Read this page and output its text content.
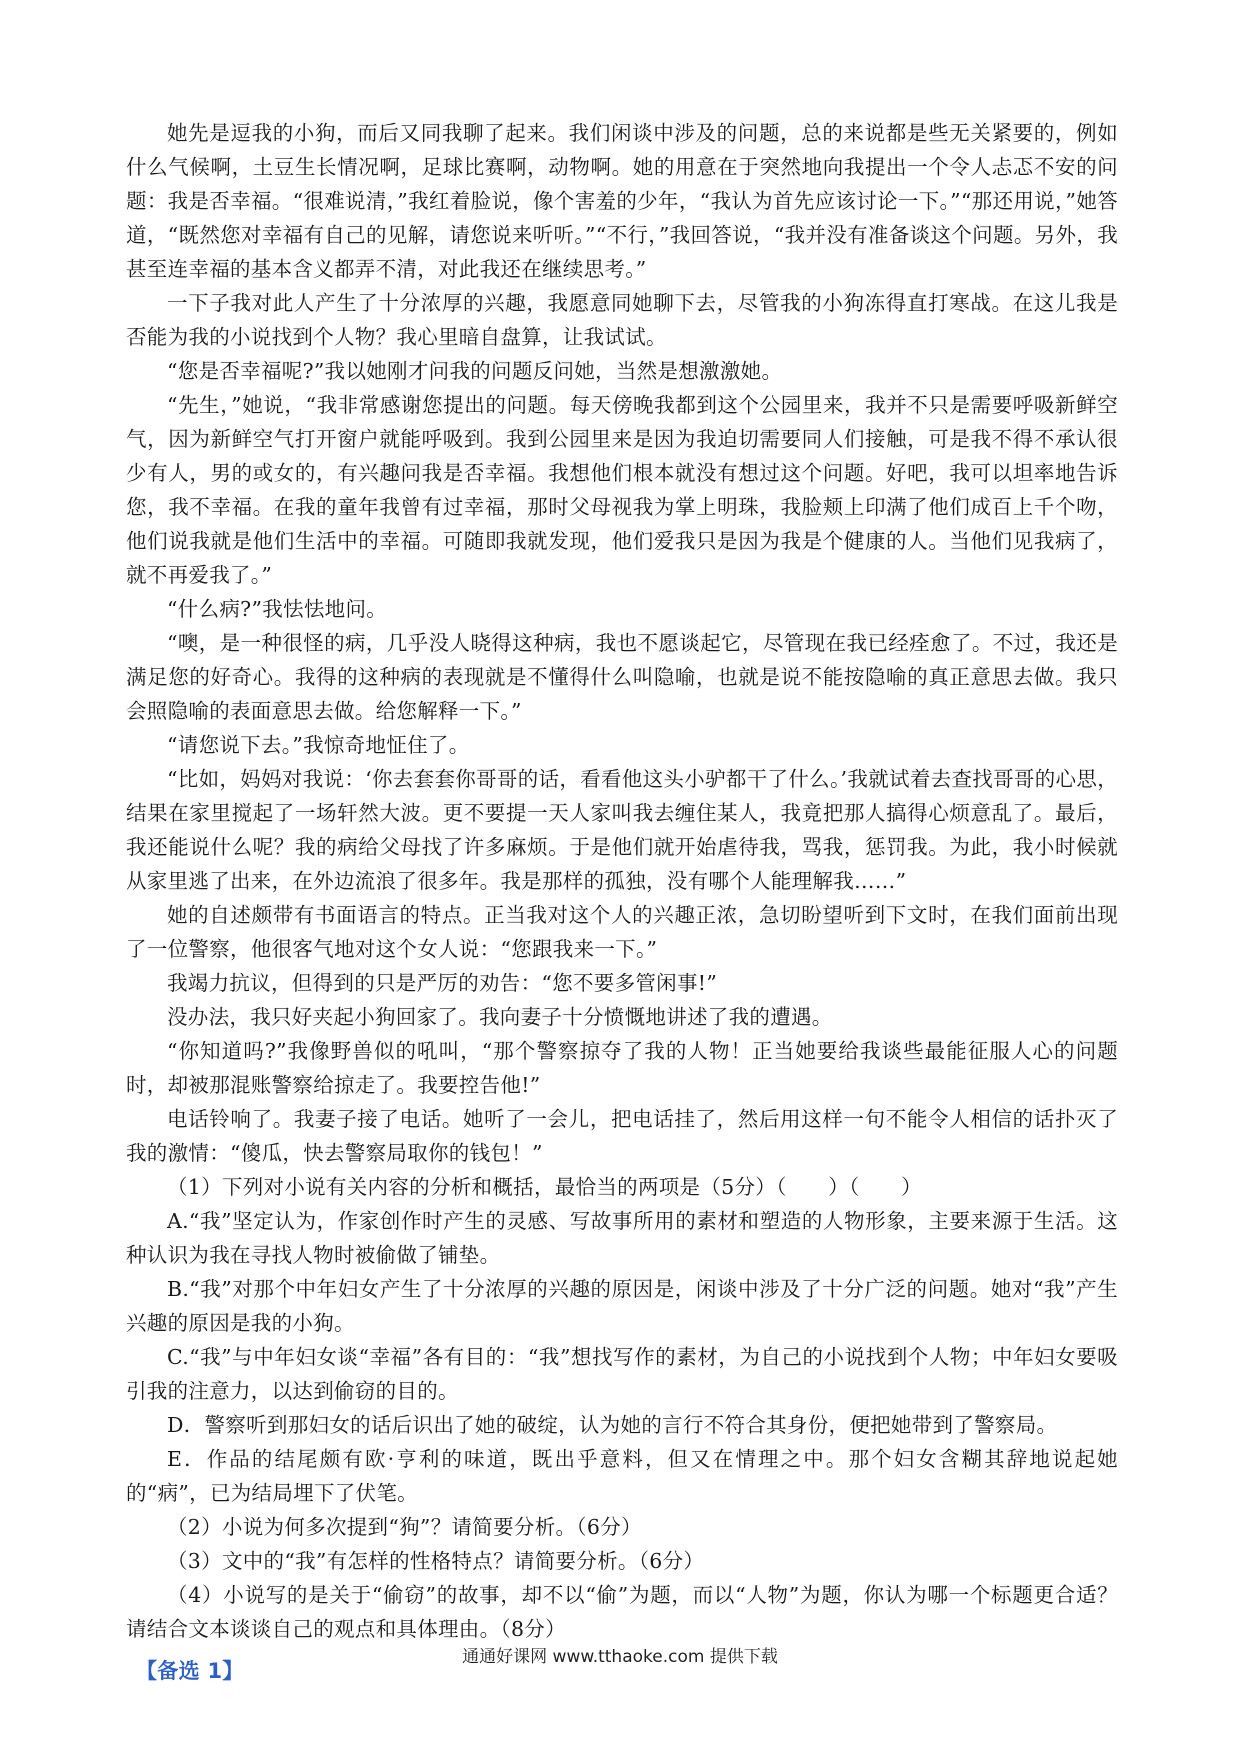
她先是逗我的小狗，而后又同我聊了起来。我们闲谈中涉及的问题，总的来说都是些无关紧要的，例如什么气候啊，土豆生长情况啊，足球比赛啊，动物啊。她的用意在于突然地向我提出一个令人忐忑不安的问题：我是否幸福。“很难说清，”我红着脸说，像个害羞的少年，“我认为首先应该讨论一下。”“那还用说，”她答道，“既然您对幸福有自己的见解，请您说来听听。”“不行，”我回答说，“我并没有准备谈这个问题。另外，我甚至连幸福的基本含义都弄不清，对此我还在继续思考。”

一下子我对此人产生了十分浓厚的兴趣，我愿意同她聊下去，尽管我的小狗冻得直打寒战。在这儿我是否能为我的小说找到个人物？我心里暗自盘算，让我试试。

“您是否幸福呢?”我以她刚才问我的问题反问她，当然是想激激她。

“先生，”她说，“我非常感谢您提出的问题。每天傍晚我都到这个公园里来，我并不只是需要呼吸新鲜空气，因为新鲜空气打开窗户就能呼吸到。我到公园里来是因为我迫切需要同人们接触，可是我不得不承认很少有人，男的或女的，有兴趣问我是否幸福。我想他们根本就没有想过这个问题。好吧，我可以坦率地告诉您，我不幸福。在我的童年我曾有过幸福，那时父母视我为掌上明珠，我脸颊上印满了他们成百上千个吻，他们说我就是他们生活中的幸福。可随即我就发现，他们爱我只是因为我是个健康的人。当他们见我病了，就不再爱我了。”

“什么病?”我怯怯地问。

“噢，是一种很怪的病，几乎没人晓得这种病，我也不愿谈起它，尽管现在我已经痊愈了。不过，我还是满足您的好奇心。我得的这种病的表现就是不懂得什么叫隐喻，也就是说不能按隐喻的真正意思去做。我只会照隐喻的表面意思去做。给您解释一下。”

“请您说下去。”我惊奇地怔住了。

“比如，妈妈对我说：‘你去套套你哥哥的话，看看他这头小驴都干了什么。’我就试着去查找哥哥的心思，结果在家里搅起了一场轩然大波。更不要提一天人家叫我去缠住某人，我竟把那人搞得心烦意乱了。最后，我还能说什么呢？我的病给父母找了许多麻烦。于是他们就开始虐待我，骂我，惩罚我。为此，我小时候就从家里逃了出来，在外边流浪了很多年。我是那样的孤独，没有哪个人能理解我……”

她的自述颇带有书面语言的特点。正当我对这个人的兴趣正浓，急切盼望听到下文时，在我们面前出现了一位警察，他很客气地对这个女人说：“您跟我来一下。”

我竭力抗议，但得到的只是严厉的劝告：“您不要多管闲事!”

没办法，我只好夹起小狗回家了。我向妻子十分愤慨地讲述了我的遭遇。

“你知道吗?”我像野兽似的吼叫，“那个警察掠夺了我的人物！正当她要给我谈些最能征服人心的问题时，却被那混账警察给掠走了。我要控告他!”

电话铃响了。我妻子接了电话。她听了一会儿，把电话挂了，然后用这样一句不能令人相信的话扑灭了我的激情：“傻瓜，快去警察局取你的钱包！”

（1）下列对小说有关内容的分析和概括，最恰当的两项是（5分）（　　）（　　）

A.“我”坚定认为，作家创作时产生的灵感、写故事所用的素材和塑造的人物形象，主要来源于生活。这种认识为我在寻找人物时被偷做了铺垫。

B.“我”对那个中年妇女产生了十分浓厚的兴趣的原因是，闲谈中涉及了十分广泛的问题。她对“我”产生兴趣的原因是我的小狗。

C.“我”与中年妇女谈“幸福”各有目的：“我”想找写作的素材，为自己的小说找到个人物；中年妇女要吸引我的注意力，以达到偷窃的目的。

D．警察听到那妇女的话后识出了她的破绽，认为她的言行不符合其身份，便把她带到了警察局。

E．作品的结尾颇有欧·亨利的味道，既出乎意料，但又在情理之中。那个妇女含糊其辞地说起她的“病”，已为结局埋下了伏笔。

（2）小说为何多次提到“狗”？请简要分析。（6分）

（3）文中的“我”有怎样的性格特点？请简要分析。（6分）

（4）小说写的是关于“偷窃”的故事，却不以“偷”为题，而以“人物”为题，你认为哪一个标题更合适？请结合文本谈谈自己的观点和具体理由。（8分）

【备选 1】
通通好课网 www.tthaoke.com 提供下载
